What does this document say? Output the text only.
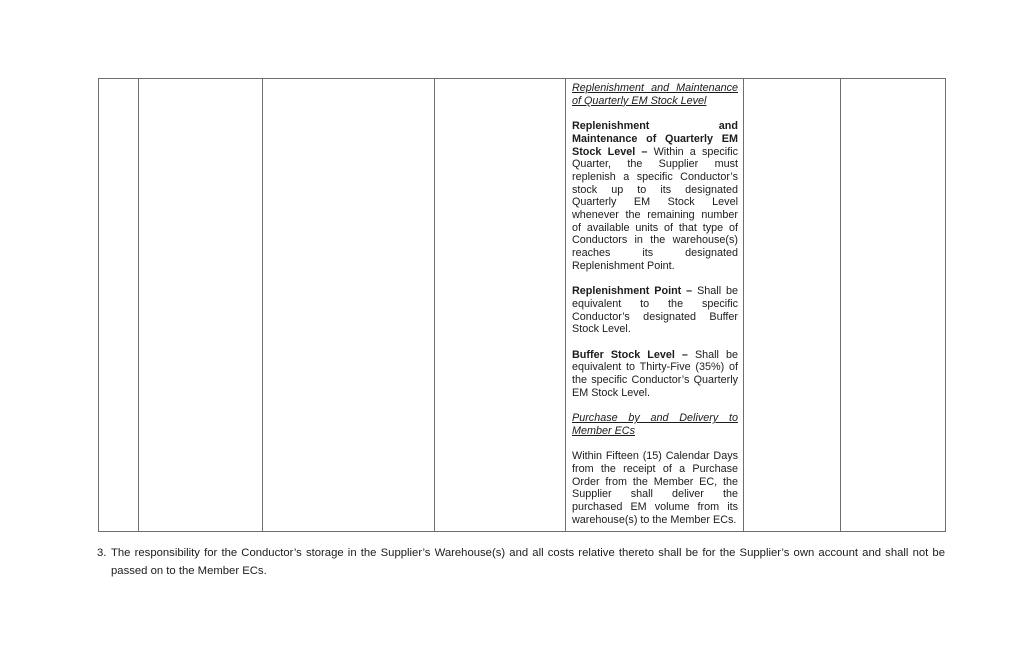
Replenishment and Maintenance of Quarterly EM Stock Level
Replenishment and Maintenance of Quarterly EM Stock Level – Within a specific Quarter, the Supplier must replenish a specific Conductor’s stock up to its designated Quarterly EM Stock Level whenever the remaining number of available units of that type of Conductors in the warehouse(s) reaches its designated Replenishment Point.
Replenishment Point – Shall be equivalent to the specific Conductor’s designated Buffer Stock Level.
Buffer Stock Level – Shall be equivalent to Thirty-Five (35%) of the specific Conductor’s Quarterly EM Stock Level.
Purchase by and Delivery to Member ECs
Within Fifteen (15) Calendar Days from the receipt of a Purchase Order from the Member EC, the Supplier shall deliver the purchased EM volume from its warehouse(s) to the Member ECs.

3. The responsibility for the Conductor’s storage in the Supplier’s Warehouse(s) and all costs relative thereto shall be for the Supplier’s own account and shall not be passed on to the Member ECs.
